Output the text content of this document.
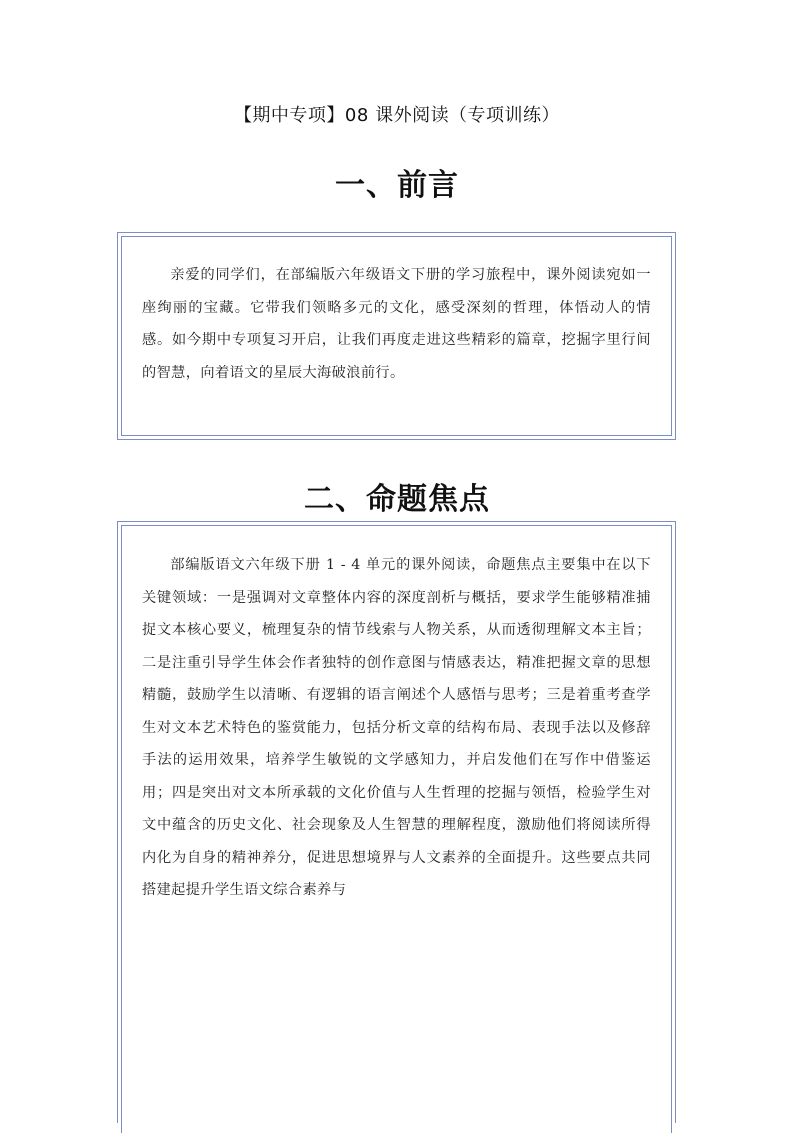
【期中专项】08 课外阅读（专项训练）
一、前言
亲爱的同学们，在部编版六年级语文下册的学习旅程中，课外阅读宛如一座绚丽的宝藏。它带我们领略多元的文化，感受深刻的哲理，体悟动人的情感。如今期中专项复习开启，让我们再度走进这些精彩的篇章，挖掘字里行间的智慧，向着语文的星辰大海破浪前行。
二、命题焦点
部编版语文六年级下册 1 - 4 单元的课外阅读，命题焦点主要集中在以下关键领域：一是强调对文章整体内容的深度剖析与概括，要求学生能够精准捕捉文本核心要义，梳理复杂的情节线索与人物关系，从而透彻理解文本主旨；二是注重引导学生体会作者独特的创作意图与情感表达，精准把握文章的思想精髓，鼓励学生以清晰、有逻辑的语言阐述个人感悟与思考；三是着重考查学生对文本艺术特色的鉴赏能力，包括分析文章的结构布局、表现手法以及修辞手法的运用效果，培养学生敏锐的文学感知力，并启发他们在写作中借鉴运用；四是突出对文本所承载的文化价值与人生哲理的挖掘与领悟，检验学生对文中蕴含的历史文化、社会现象及人生智慧的理解程度，激励他们将阅读所得内化为自身的精神养分，促进思想境界与人文素养的全面提升。这些要点共同搭建起提升学生语文综合素养与
